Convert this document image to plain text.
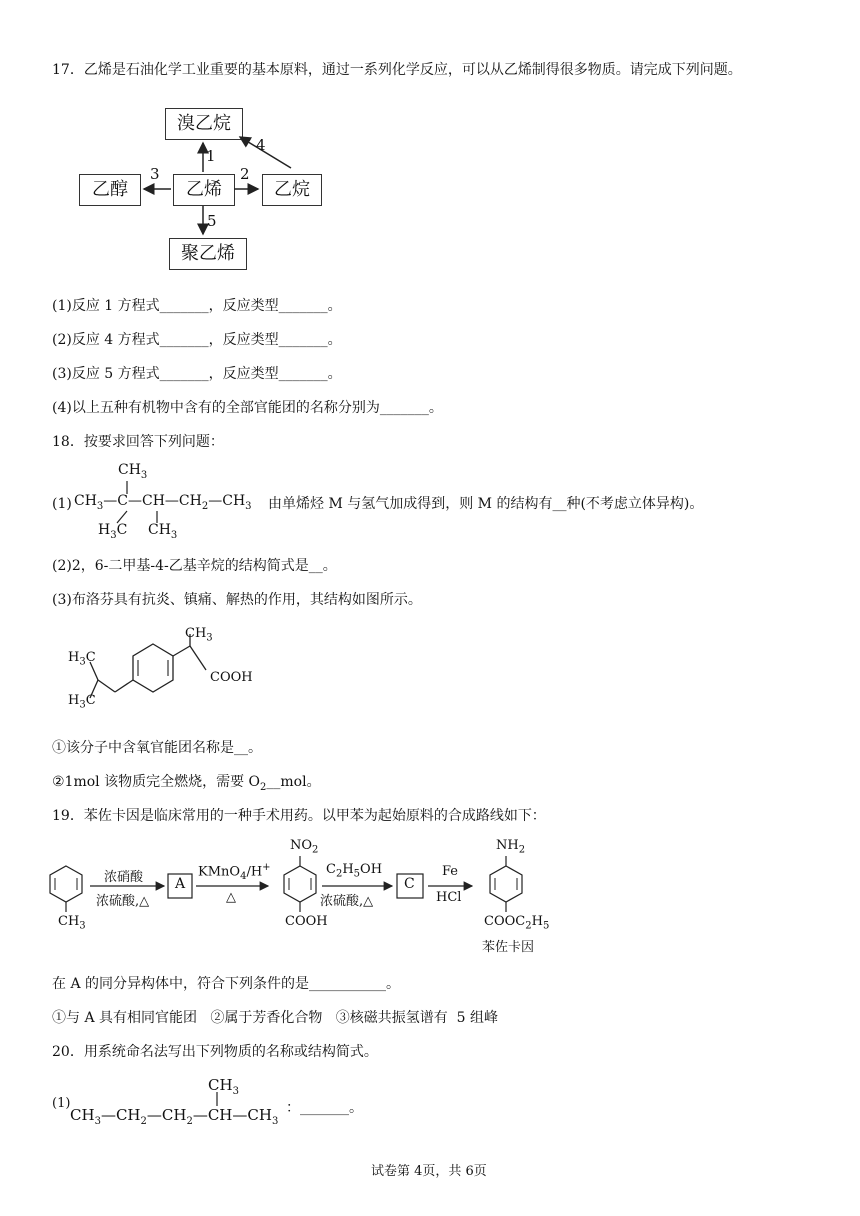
17．乙烯是石油化学工业重要的基本原料，通过一系列化学反应，可以从乙烯制得很多物质。请完成下列问题。
溴乙烷
乙醇	乙烯	乙烷
聚乙烯
1
2
3
4
5
(1)反应 1 方程式_______，反应类型_______。
(2)反应 4 方程式_______，反应类型_______。
(3)反应 5 方程式_______，反应类型_______。
(4)以上五种有机物中含有的全部官能团的名称分别为_______。
18．按要求回答下列问题：
(1)
$CH_3$
$CH_3—C—CH—CH_2—CH_3$
$H_3C$ $CH_3$
由单烯烃 M 与氢气加成得到，则 M 的结构有__种(不考虑立体异构)。
(2)2，6-二甲基-4-乙基辛烷的结构简式是__。
(3)布洛芬具有抗炎、镇痛、解热的作用，其结构如图所示。
$CH_3$
$H_3C$
$H_3C$
COOH
①该分子中含氧官能团名称是__。
②1mol 该物质完全燃烧，需要 $O_2\_\_mol$。
19．苯佐卡因是临床常用的一种手术用药。以甲苯为起始原料的合成路线如下：
$CH_3$
浓硝酸
浓硫酸,△
A
KMnO$_4$/H+
△
$NO_2$
COOH
$C_2H_5OH$
浓硫酸,△
C
Fe
HCl
$NH_2$
$COOC_2H_5$
苯佐卡因
在 A 的同分异构体中，符合下列条件的是___________。
①与 A 具有相同官能团   ②属于芳香化合物   ③核磁共振氢谱有  5 组峰
20．用系统命名法写出下列物质的名称或结构简式。
(1)
$CH_3$
$CH_3—CH_2—CH_2—CH—CH_3$
：_______。
试卷第 4页，共 6页
